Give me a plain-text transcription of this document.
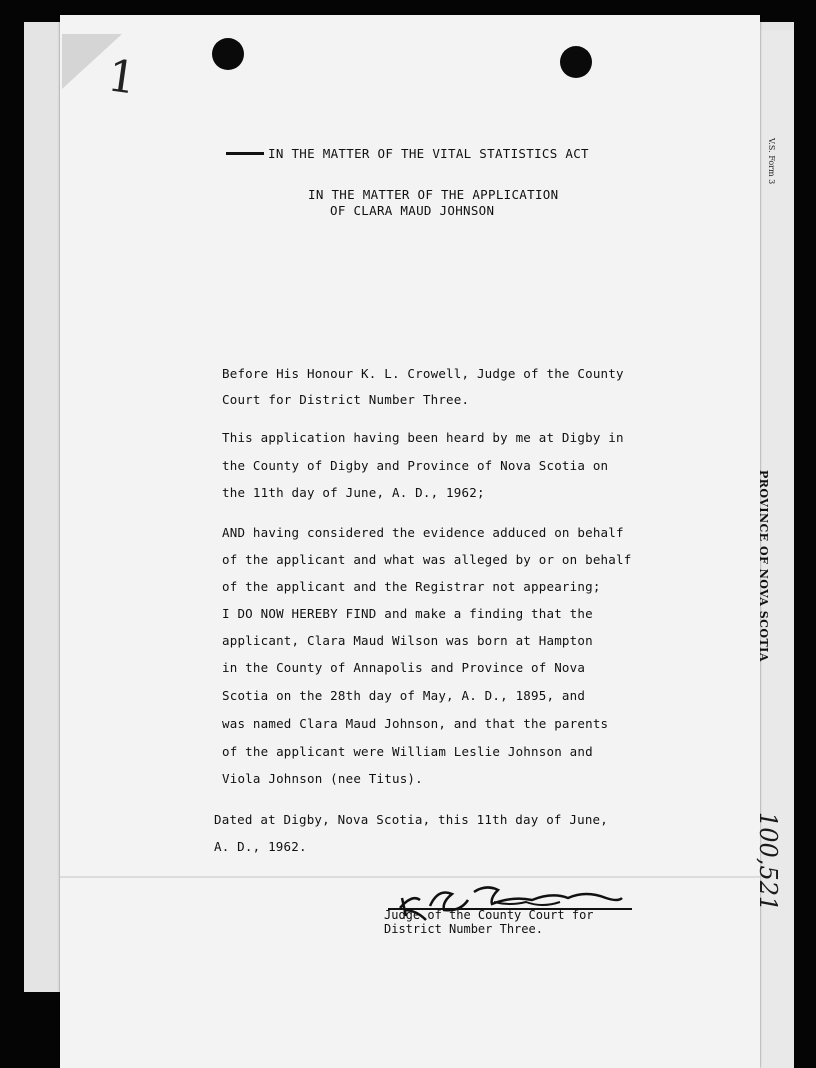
1
V.S. Form 3
PROVINCE OF NOVA SCOTIA
100,521
IN THE MATTER OF THE VITAL STATISTICS ACT
IN THE MATTER OF THE APPLICATION
OF CLARA MAUD JOHNSON
Before His Honour K. L. Crowell, Judge of the County
Court for District Number Three.
This application having been heard by me at Digby in
the County of Digby and Province of Nova Scotia on
the 11th day of June, A. D., 1962;
AND having considered the evidence adduced on behalf
of the applicant and what was alleged by or on behalf
of the applicant and the Registrar not appearing;
I DO NOW HEREBY FIND and make a finding that the
applicant, Clara Maud Wilson was born at Hampton
in the County of Annapolis and Province of Nova
Scotia on the 28th day of May, A. D., 1895, and
was named Clara Maud Johnson, and that the parents
of the applicant were William Leslie Johnson and
Viola Johnson (nee Titus).
Dated at Digby, Nova Scotia, this 11th day of June,
A. D., 1962.
Judge of the County Court for
District Number Three.
